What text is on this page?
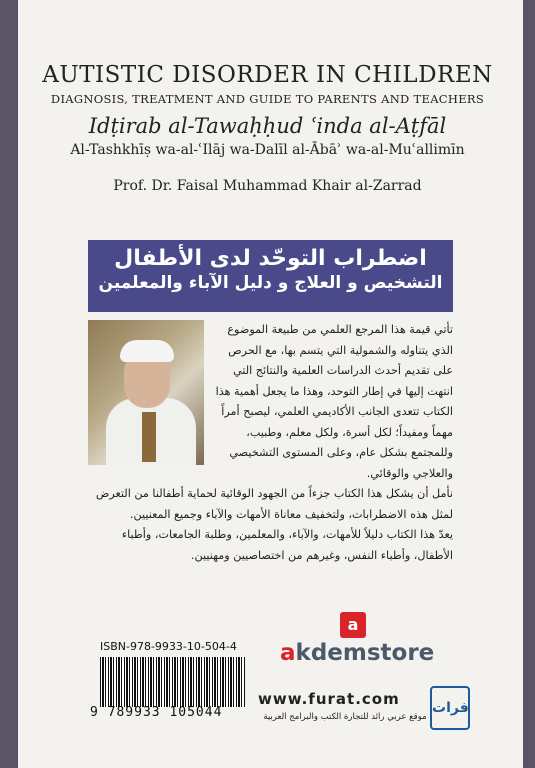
AUTISTIC DISORDER IN CHILDREN
DIAGNOSIS, TREATMENT AND GUIDE TO PARENTS AND TEACHERS
Idṭirab al-Tawaḥḥud ʿinda al-Aṭfāl
Al-Tashkhīṣ wa-al-ʿIlāj wa-Dalīl al-Ābāʾ wa-al-Muʿallimīn
Prof. Dr. Faisal Muhammad Khair al-Zarrad
اضطراب التوحّد لدى الأطفال
التشخيص و العلاج و دليل الآباء والمعلمين

تأتي قيمة هذا المرجع العلمي من طبيعة الموضوع الذي يتناوله والشمولية التي يتسم بها، مع الحرص على تقديم أحدث الدراسات العلمية والنتائج التي انتهت إليها في إطار التوحد، وهذا ما يجعل أهمية هذا الكتاب تتعدى الجانب الأكاديمي العلمي، ليصبح أمراً مهماً ومفيداً؛ لكل أسرة، ولكل معلم، وطبيب، وللمجتمع بشكل عام، وعلى المستوى التشخيصي والعلاجي والوقائي.

نأمل أن يشكل هذا الكتاب جزءاً من الجهود الوقائية لحماية أطفالنا من التعرض لمثل هذه الاضطرابات، ولتخفيف معاناة الأمهات والآباء وجميع المعنيين.

يعدّ هذا الكتاب دليلاً للأمهات، والآباء، والمعلمين، وطلبة الجامعات، وأطباء الأطفال، وأطباء النفس، وغيرهم من اختصاصيين ومهنيين.

a
akdemstore
ISBN-978-9933-10-504-4
9 789933 105044
www.furat.com
موقع عربي رائد للتجارة الكتب والبرامج العربية
فرات
